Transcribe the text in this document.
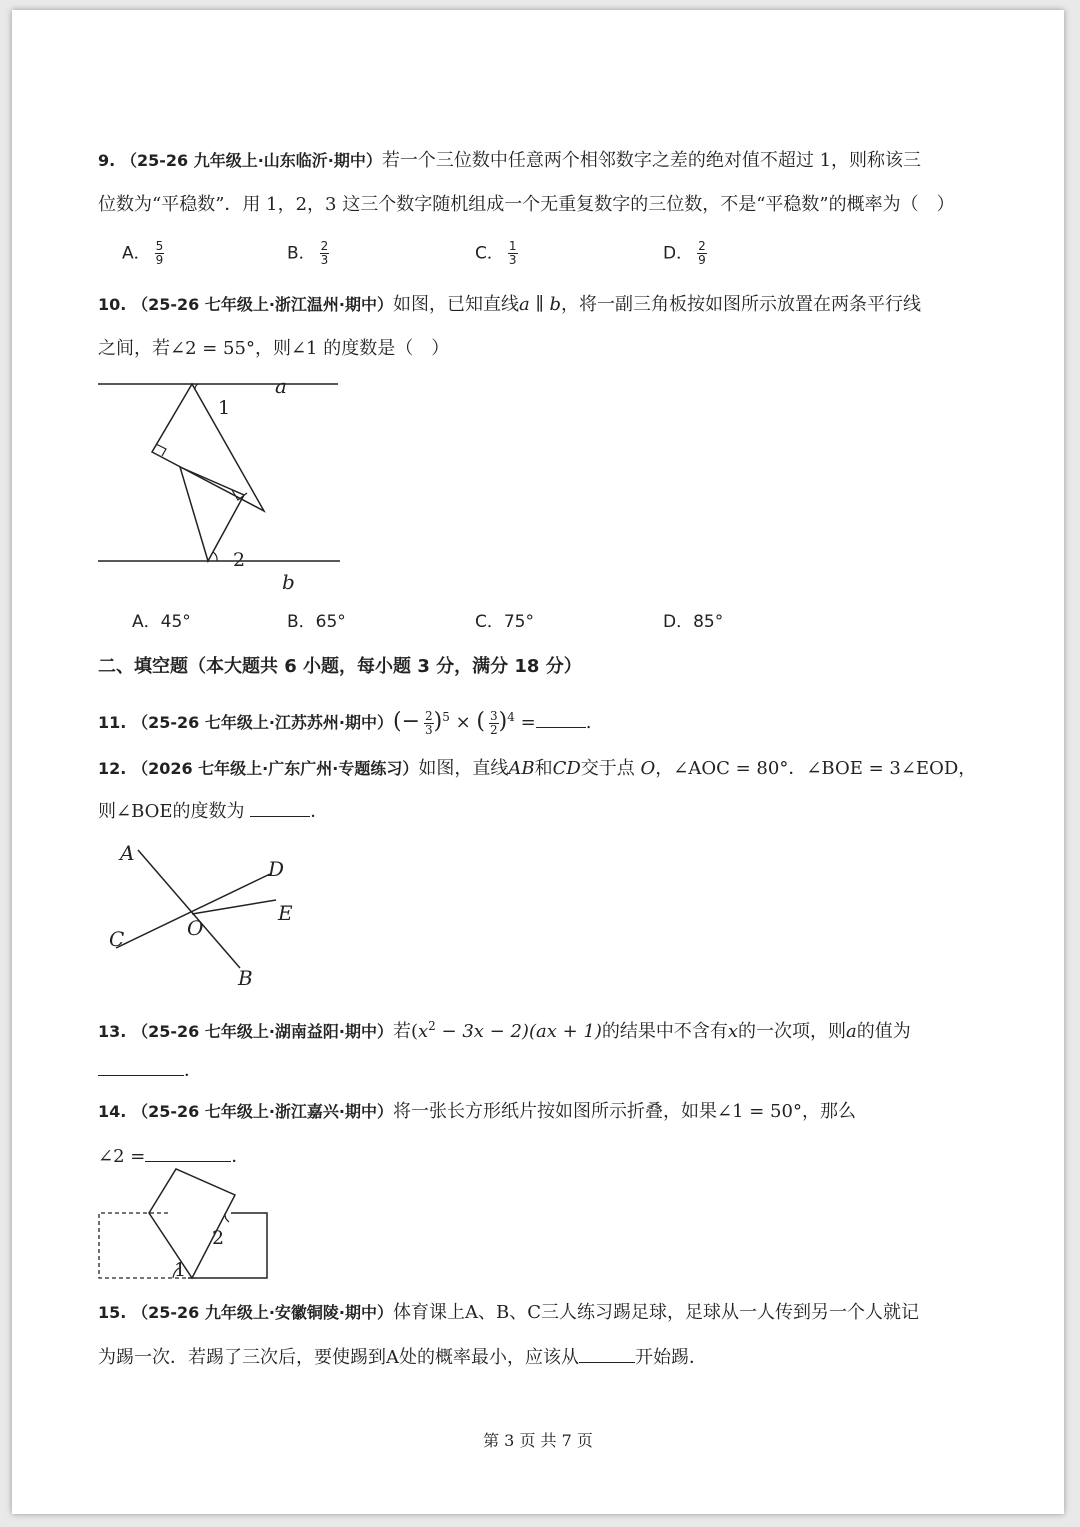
9. （25-26 九年级上·山东临沂·期中）若一个三位数中任意两个相邻数字之差的绝对值不超过 1，则称该三
位数为“平稳数”．用 1，2，3 这三个数字随机组成一个无重复数字的三位数，不是“平稳数”的概率为（　）
A． $\frac{5}{9}$	B． $\frac{2}{3}$	C． $\frac{1}{3}$	D． $\frac{2}{9}$
10. （25-26 七年级上·浙江温州·期中）如图，已知直线a ∥ b，将一副三角板按如图所示放置在两条平行线
之间，若∠2 = 55°，则∠1 的度数是（　）
a
b
1
2
A．45°	B．65°	C．75°	D．85°
二、填空题（本大题共 6 小题，每小题 3 分，满分 18 分）
11. （25-26 七年级上·江苏苏州·期中）(− $\frac{2}{3} )^5$ × ( $\frac{3}{2} )^4$ =	.
12. （2026 七年级上·广东广州·专题练习）如图，直线AB和CD交于点 O，∠AOC = 80°．∠BOE = 3∠EOD，
则∠BOE的度数为	．
A
D
E
O
C
B
13. （25-26 七年级上·湖南益阳·期中）若$(x^2 - 3x - 2)(ax + 1)$的结果中不含有x的一次项，则a的值为
．
14. （25-26 七年级上·浙江嘉兴·期中）将一张长方形纸片按如图所示折叠，如果∠1 = 50°，那么
∠2 =	．
1
2
15. （25-26 九年级上·安徽铜陵·期中）体育课上A、B、C三人练习踢足球，足球从一人传到另一个人就记
为踢一次．若踢了三次后，要使踢到A处的概率最小，应该从	开始踢．
第 3 页 共 7 页
